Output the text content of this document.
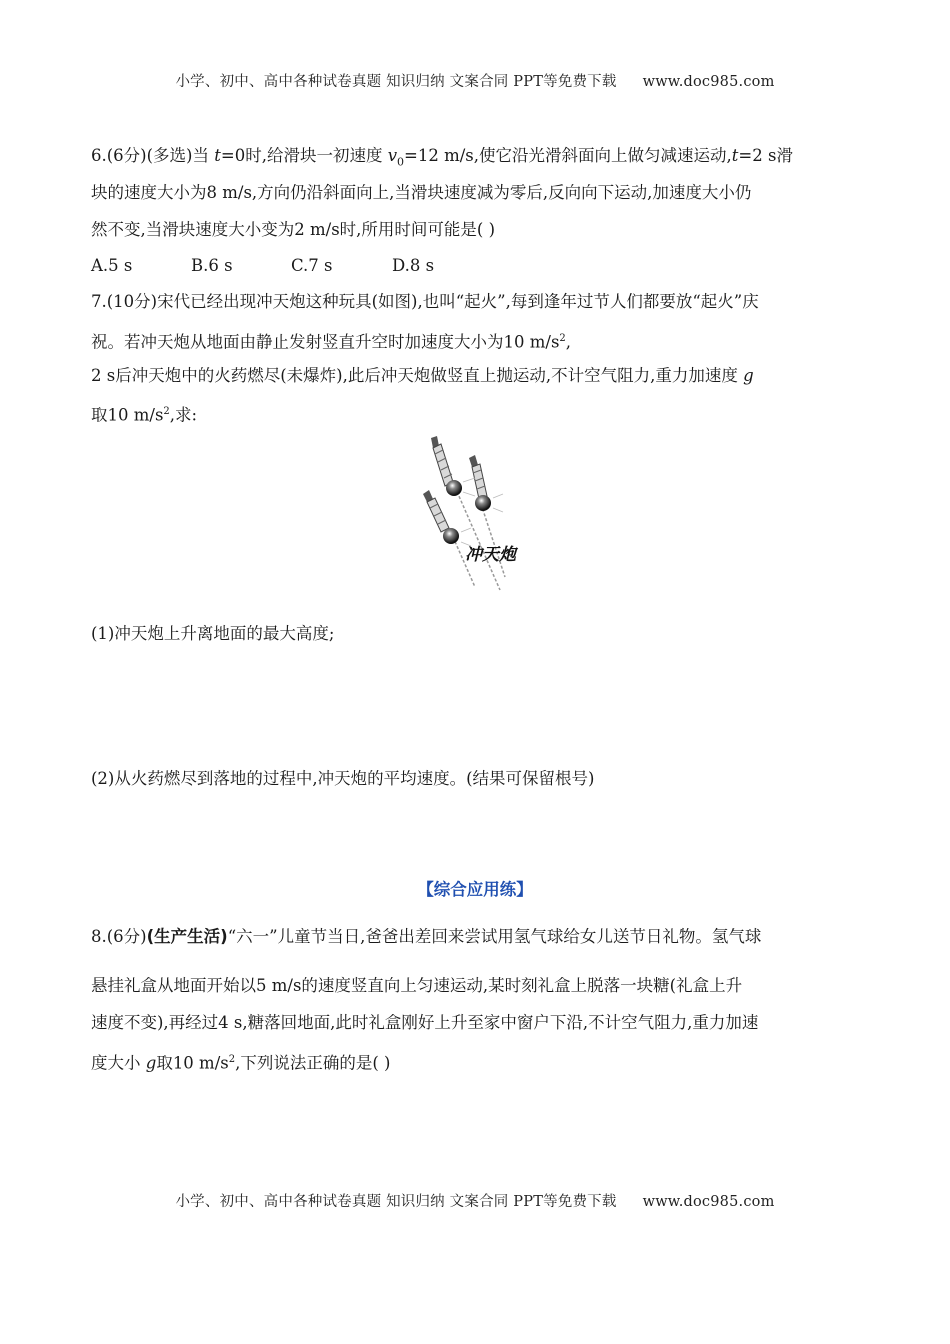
小学、初中、高中各种试卷真题 知识归纳 文案合同 PPT等免费下载 www.doc985.com
6.(6分)(多选)当 t=0时,给滑块一初速度 $v_0=12$ m/s,使它沿光滑斜面向上做匀减速运动,t=2 s滑
块的速度大小为8 m/s,方向仍沿斜面向上,当滑块速度减为零后,反向向下运动,加速度大小仍
然不变,当滑块速度大小变为2 m/s时,所用时间可能是( )
A.5 s	B.6 s	C.7 s	D.8 s
7.(10分)宋代已经出现冲天炮这种玩具(如图),也叫“起火”,每到逢年过节人们都要放“起火”庆
祝。若冲天炮从地面由静止发射竖直升空时加速度大小为10 $m/s^2$,
2 s后冲天炮中的火药燃尽(未爆炸),此后冲天炮做竖直上抛运动,不计空气阻力,重力加速度 g
取10 $m/s^2$,求:
冲天炮
(1)冲天炮上升离地面的最大高度;
(2)从火药燃尽到落地的过程中,冲天炮的平均速度。(结果可保留根号)
【综合应用练】
8.(6分)(生产生活)“六一”儿童节当日,爸爸出差回来尝试用氢气球给女儿送节日礼物。氢气球
悬挂礼盒从地面开始以5 m/s的速度竖直向上匀速运动,某时刻礼盒上脱落一块糖(礼盒上升
速度不变),再经过4 s,糖落回地面,此时礼盒刚好上升至家中窗户下沿,不计空气阻力,重力加速
度大小 g取10 $m/s^2$,下列说法正确的是( )
小学、初中、高中各种试卷真题 知识归纳 文案合同 PPT等免费下载 www.doc985.com
